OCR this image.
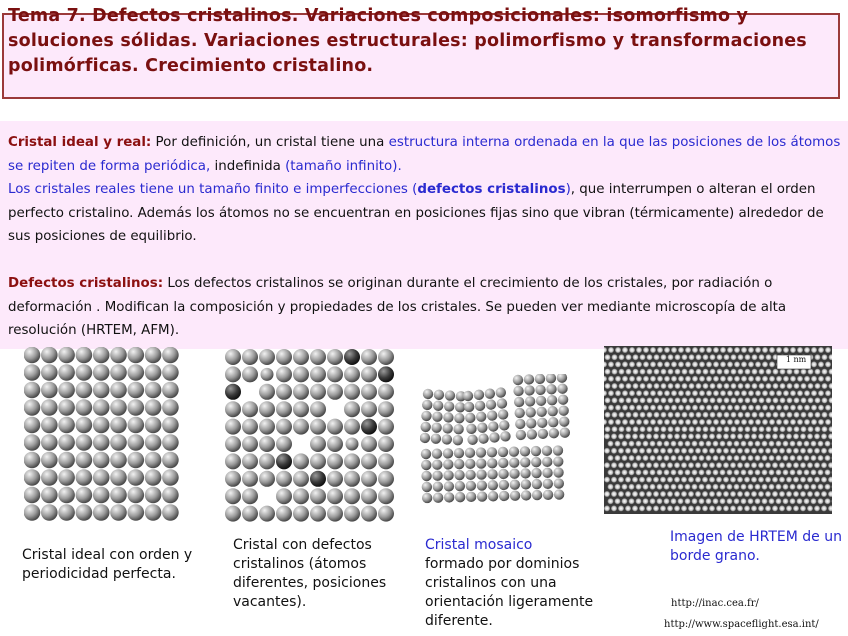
Tema 7. Defectos cristalinos. Variaciones composicionales: isomorfismo y soluciones sólidas. Variaciones estructurales: polimorfismo y transformaciones polimórficas. Crecimiento cristalino.

Cristal ideal y real: Por definición, un cristal tiene una estructura interna ordenada en la que las posiciones de los átomos se repiten de forma periódica, indefinida (tamaño infinito).
Los cristales reales tiene un tamaño finito e imperfecciones (defectos cristalinos), que interrumpen o alteran el orden perfecto cristalino. Además los átomos no se encuentran en posiciones fijas sino que vibran (térmicamente) alrededor de sus posiciones de equilibrio.

Defectos cristalinos: Los defectos cristalinos se originan durante el crecimiento de los cristales, por radiación o deformación . Modifican la composición y propiedades de los cristales. Se pueden ver mediante microscopía de alta resolución (HRTEM, AFM).

1 nm

Cristal ideal con orden y periodicidad perfecta.

Cristal con defectos cristalinos (átomos diferentes, posiciones vacantes).

Cristal mosaico
formado por dominios cristalinos con una orientación ligeramente diferente.

Imagen de HRTEM de un borde grano.

http://inac.cea.fr/
http://www.spaceflight.esa.int/
